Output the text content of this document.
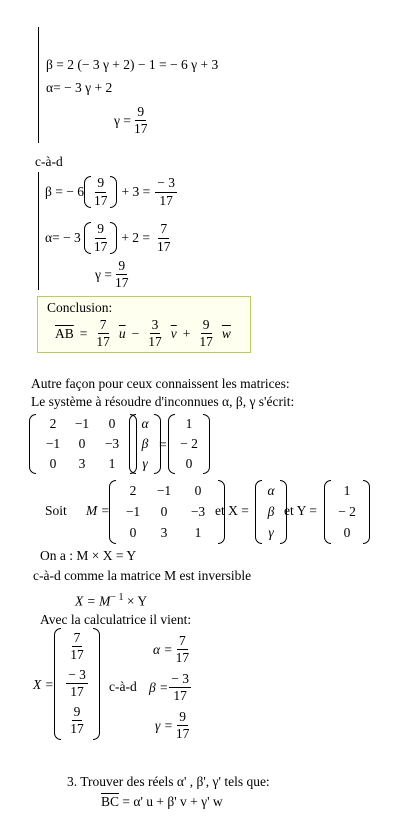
β = 2 (− 3 γ + 2) − 1 = − 6 γ + 3
α= − 3 γ + 2
$\gamma = \frac{9}{17}$
c-à-d
β = − $6 \frac{9}{17} + 3 = \frac{- 3}{17}$
$\alpha= - 3 \frac{9}{17} + 2 = \frac{7}{17}$
$\gamma = \frac{9}{17}$
Conclusion:
$\overline{AB} = \frac{7}{17} \overline{u} - \frac{3}{17} \overline{v} + \frac{9}{17} \overline{w}$
Autre façon pour ceux connaissent les matrices:
Le système à résoudre d'inconnues α, β, γ s'écrit:
2 −1 0
−1 0 −3
0 3 1
α
β
γ
=
1
− 2
0
Soit M =
2 −1 0
−1 0 −3
0 3 1
et X =
α
β
γ
et Y =
1
− 2
0
On a : M × X = Y
c-à-d comme la matrice M est inversible
$X = M^{- 1} \times Y$
Avec la calculatrice il vient:
X =
$\frac{7}{17}$
$\frac{- 3}{17}$
$\frac{9}{17}$
c-à-d
$\alpha = \frac{7}{17}$
$\beta = \frac{- 3}{17}$
$\gamma = \frac{9}{17}$
3. Trouver des réels α' , β', γ' tels que:
$\overline{BC} = \alpha'$ u + β' v + γ' w
